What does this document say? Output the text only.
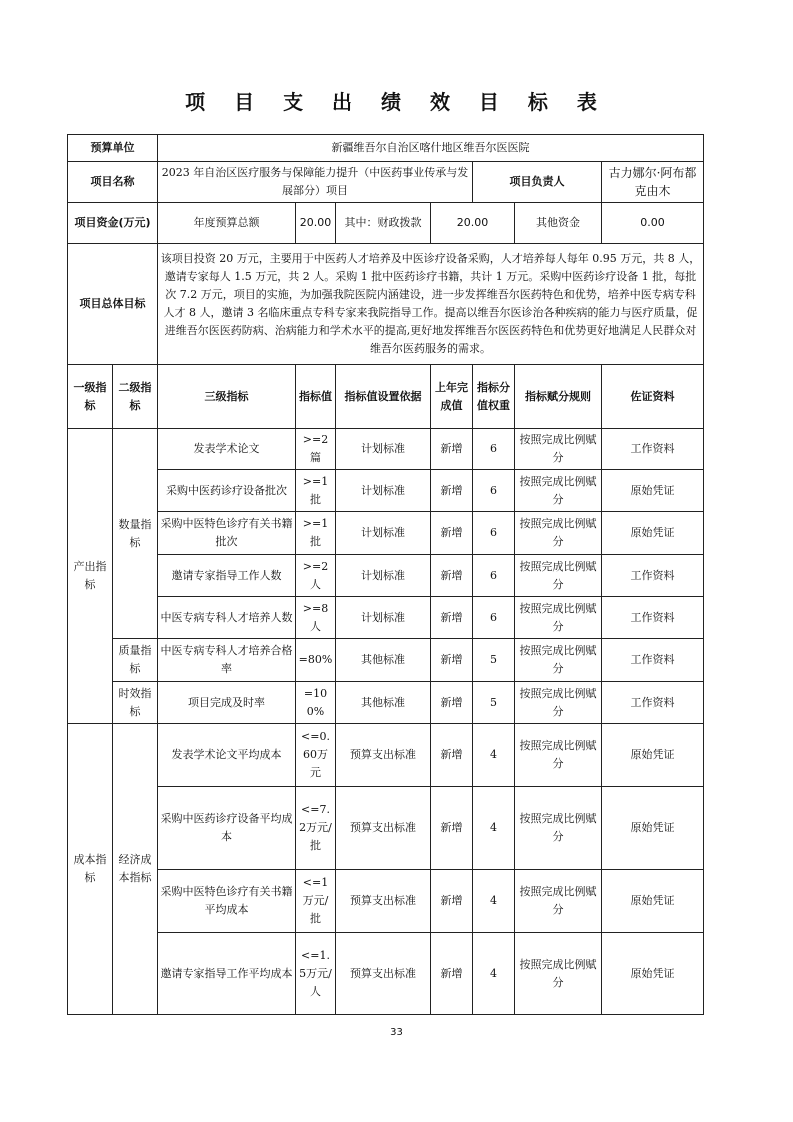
项 目 支 出 绩 效 目 标 表
预算单位		新疆维吾尔自治区喀什地区维吾尔医医院						
项目名称		2023 年自治区医疗服务与保障能力提升（中医药事业传承与发展部分）项目				项目负责人		古力娜尔·阿布都克由木
项目资金(万元)		年度预算总额	20.00	其中：财政拨款	20.00		其他资金	0.00
项目总体目标		该项目投资 20 万元，主要用于中医药人才培养及中医诊疗设备采购，人才培养每人每年 0.95 万元，共 8 人，邀请专家每人 1.5 万元，共 2 人。采购 1 批中医药诊疗书籍，共计 1 万元。采购中医药诊疗设备 1 批，每批次 7.2 万元，项目的实施，为加强我院医院内涵建设，进一步发挥维吾尔医药特色和优势，培养中医专病专科人才 8 人，邀请 3 名临床重点专科专家来我院指导工作。提高以维吾尔医诊治各种疾病的能力与医疗质量，促进维吾尔医医药防病、治病能力和学术水平的提高,更好地发挥维吾尔医医药特色和优势更好地满足人民群众对维吾尔医药服务的需求。						
一级指标	二级指标	三级指标	指标值	指标值设置依据	上年完成值	指标分值权重	指标赋分规则	佐证资料
产出指标	数量指标	发表学术论文	>=2篇	计划标准	新增	6	按照完成比例赋分	工作资料
		采购中医药诊疗设备批次	>=1批	计划标准	新增	6	按照完成比例赋分	原始凭证
		采购中医特色诊疗有关书籍批次	>=1批	计划标准	新增	6	按照完成比例赋分	原始凭证
		邀请专家指导工作人数	>=2人	计划标准	新增	6	按照完成比例赋分	工作资料
		中医专病专科人才培养人数	>=8人	计划标准	新增	6	按照完成比例赋分	工作资料
	质量指标	中医专病专科人才培养合格率	=80%	其他标准	新增	5	按照完成比例赋分	工作资料
	时效指标	项目完成及时率	=100%	其他标准	新增	5	按照完成比例赋分	工作资料
成本指标	经济成本指标	发表学术论文平均成本	<=0.60万元	预算支出标准	新增	4	按照完成比例赋分	原始凭证
		采购中医药诊疗设备平均成本	<=7.2万元/批	预算支出标准	新增	4	按照完成比例赋分	原始凭证
		采购中医特色诊疗有关书籍平均成本	<=1万元/批	预算支出标准	新增	4	按照完成比例赋分	原始凭证
		邀请专家指导工作平均成本	<=1.5万元/人	预算支出标准	新增	4	按照完成比例赋分	原始凭证
33
